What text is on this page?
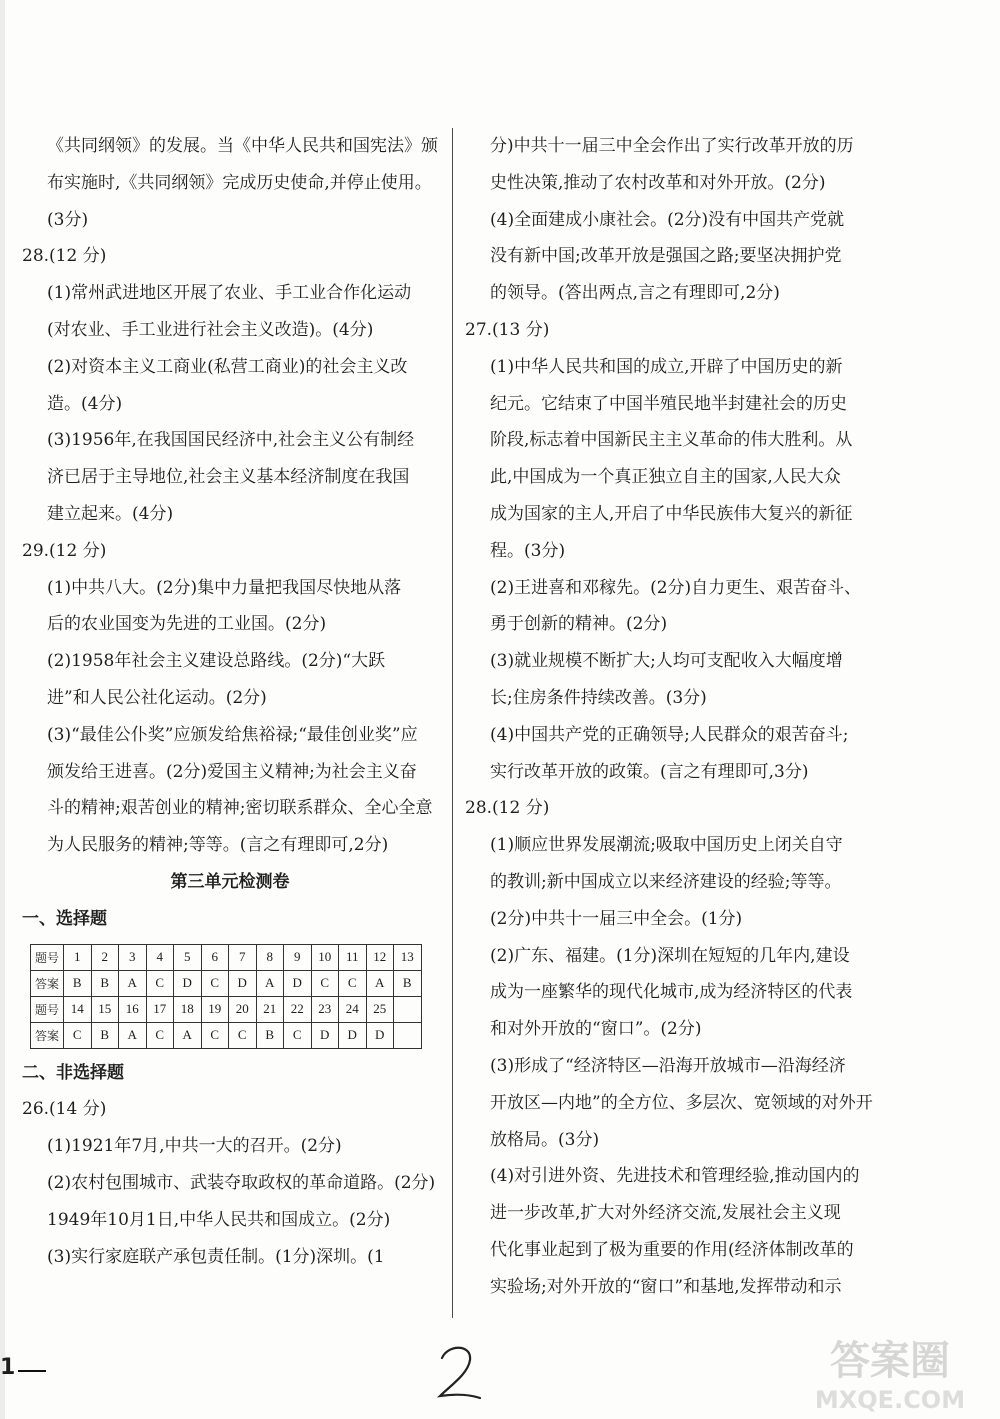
《共同纲领》的发展。当《中华人民共和国宪法》颁

布实施时,《共同纲领》完成历史使命,并停止使用。

(3分)

28.(12 分)

(1)常州武进地区开展了农业、手工业合作化运动

(对农业、手工业进行社会主义改造)。(4分)

(2)对资本主义工商业(私营工商业)的社会主义改

造。(4分)

(3)1956年,在我国国民经济中,社会主义公有制经

济已居于主导地位,社会主义基本经济制度在我国

建立起来。(4分)

29.(12 分)

(1)中共八大。(2分)集中力量把我国尽快地从落

后的农业国变为先进的工业国。(2分)

(2)1958年社会主义建设总路线。(2分)“大跃

进”和人民公社化运动。(2分)

(3)“最佳公仆奖”应颁发给焦裕禄;“最佳创业奖”应

颁发给王进喜。(2分)爱国主义精神;为社会主义奋

斗的精神;艰苦创业的精神;密切联系群众、全心全意

为人民服务的精神;等等。(言之有理即可,2分)

第三单元检测卷

一、选择题

题号	1	2	3	4	5	6	7	8	9	10	11	12	13
答案	B	B	A	C	D	C	D	A	D	C	C	A	B
题号	14	15	16	17	18	19	20	21	22	23	24	25	
答案	C	B	A	C	A	C	C	B	C	D	D	D	

二、非选择题

26.(14 分)

(1)1921年7月,中共一大的召开。(2分)

(2)农村包围城市、武装夺取政权的革命道路。(2分)

1949年10月1日,中华人民共和国成立。(2分)

(3)实行家庭联产承包责任制。(1分)深圳。(1

分)中共十一届三中全会作出了实行改革开放的历

史性决策,推动了农村改革和对外开放。(2分)

(4)全面建成小康社会。(2分)没有中国共产党就

没有新中国;改革开放是强国之路;要坚决拥护党

的领导。(答出两点,言之有理即可,2分)

27.(13 分)

(1)中华人民共和国的成立,开辟了中国历史的新

纪元。它结束了中国半殖民地半封建社会的历史

阶段,标志着中国新民主主义革命的伟大胜利。从

此,中国成为一个真正独立自主的国家,人民大众

成为国家的主人,开启了中华民族伟大复兴的新征

程。(3分)

(2)王进喜和邓稼先。(2分)自力更生、艰苦奋斗、

勇于创新的精神。(2分)

(3)就业规模不断扩大;人均可支配收入大幅度增

长;住房条件持续改善。(3分)

(4)中国共产党的正确领导;人民群众的艰苦奋斗;

实行改革开放的政策。(言之有理即可,3分)

28.(12 分)

(1)顺应世界发展潮流;吸取中国历史上闭关自守

的教训;新中国成立以来经济建设的经验;等等。

(2分)中共十一届三中全会。(1分)

(2)广东、福建。(1分)深圳在短短的几年内,建设

成为一座繁华的现代化城市,成为经济特区的代表

和对外开放的“窗口”。(2分)

(3)形成了“经济特区—沿海开放城市—沿海经济

开放区—内地”的全方位、多层次、宽领域的对外开

放格局。(3分)

(4)对引进外资、先进技术和管理经验,推动国内的

进一步改革,扩大对外经济交流,发展社会主义现

代化事业起到了极为重要的作用(经济体制改革的

实验场;对外开放的“窗口”和基地,发挥带动和示

1	答案圈
MXQE.COM
